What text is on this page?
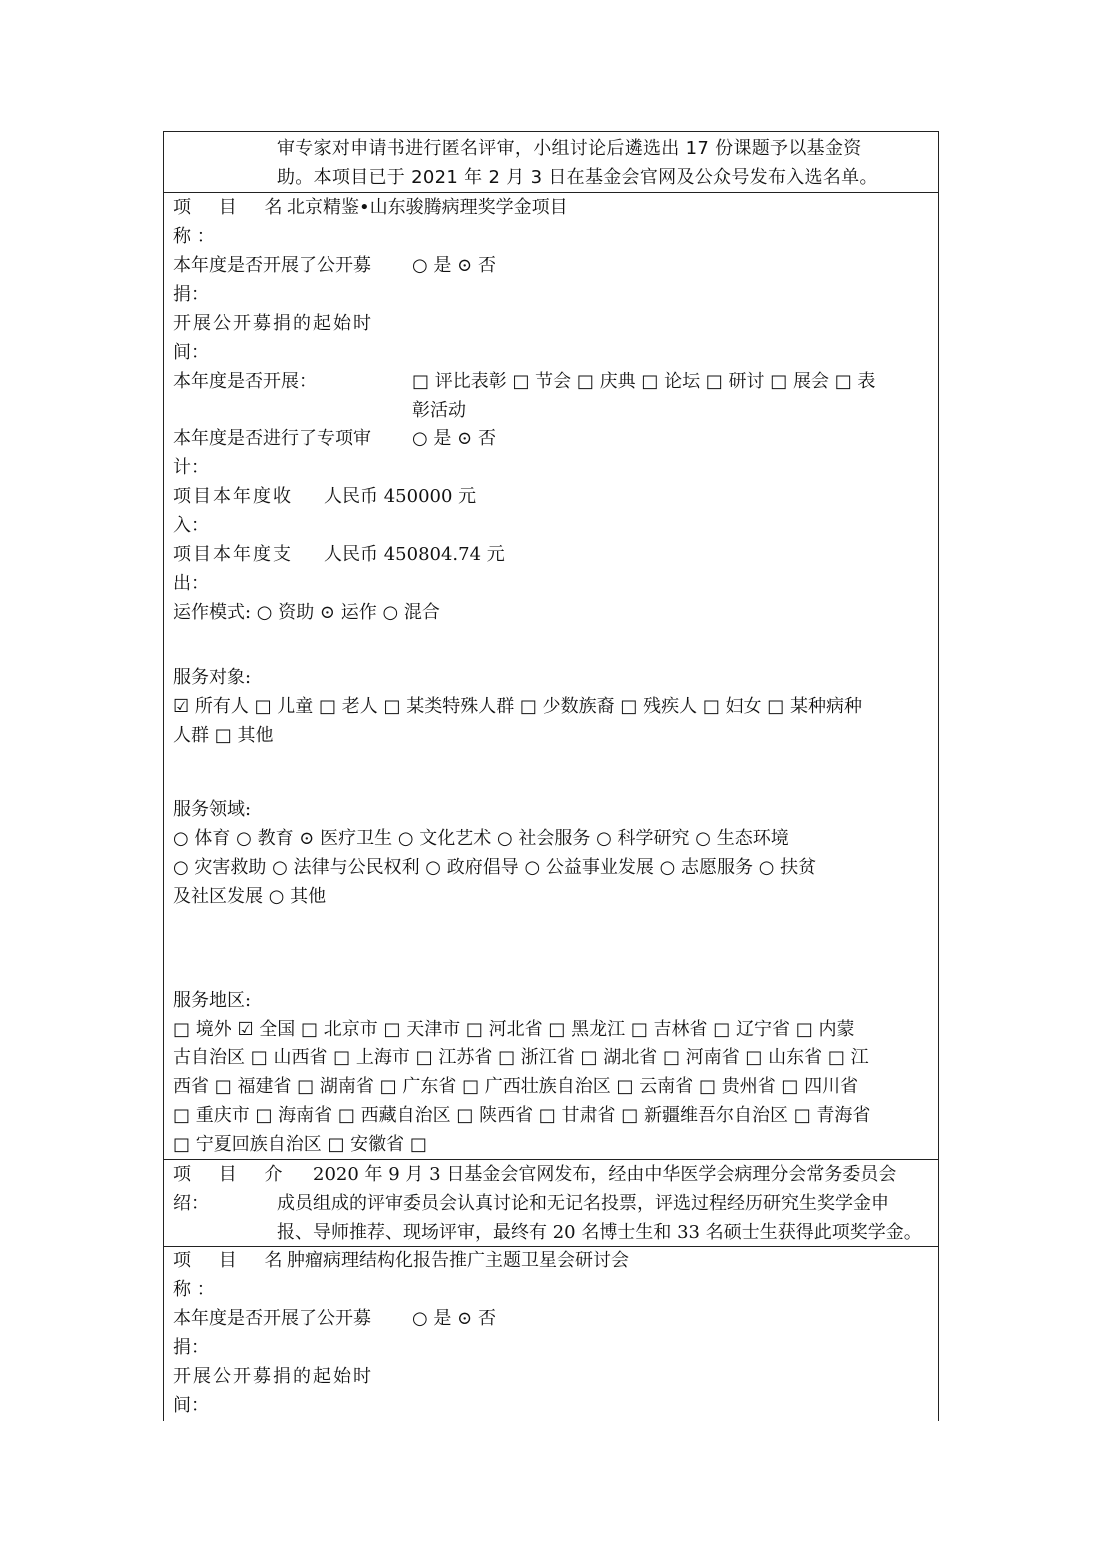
审专家对申请书进行匿名评审，小组讨论后遴选出 17 份课题予以基金资
助。本项目已于 2021 年 2 月 3 日在基金会官网及公众号发布入选名单。
项 目 名
北京精鉴•山东骏腾病理奖学金项目
称 ：
本年度是否开展了公开募 ○ 是 ⊙ 否
捐：
开展公开募捐的起始时
间：
本年度是否开展：	□ 评比表彰 □ 节会 □ 庆典 □ 论坛 □ 研讨 □ 展会 □ 表
彰活动
本年度是否进行了专项审 ○ 是 ⊙ 否
计：
项目本年度收 人民币 450000 元
入：
项目本年度支 人民币 450804.74 元
出：
运作模式: ○ 资助 ⊙ 运作 ○ 混合
服务对象:
☑ 所有人 □ 儿童 □ 老人 □ 某类特殊人群 □ 少数族裔 □ 残疾人 □ 妇女 □ 某种病种
人群 □ 其他
服务领域:
○ 体育 ○ 教育 ⊙ 医疗卫生 ○ 文化艺术 ○ 社会服务 ○ 科学研究 ○ 生态环境
○ 灾害救助 ○ 法律与公民权利 ○ 政府倡导 ○ 公益事业发展 ○ 志愿服务 ○ 扶贫
及社区发展 ○ 其他
服务地区:
□ 境外 ☑ 全国 □ 北京市 □ 天津市 □ 河北省 □ 黑龙江 □ 吉林省 □ 辽宁省 □ 内蒙
古自治区 □ 山西省 □ 上海市 □ 江苏省 □ 浙江省 □ 湖北省 □ 河南省 □ 山东省 □ 江
西省 □ 福建省 □ 湖南省 □ 广东省 □ 广西壮族自治区 □ 云南省 □ 贵州省 □ 四川省
□ 重庆市 □ 海南省 □ 西藏自治区 □ 陕西省 □ 甘肃省 □ 新疆维吾尔自治区 □ 青海省
□ 宁夏回族自治区 □ 安徽省 □
项 目 介
绍：
2020 年 9 月 3 日基金会官网发布，经由中华医学会病理分会常务委员会
成员组成的评审委员会认真讨论和无记名投票，评选过程经历研究生奖学金申
报、导师推荐、现场评审，最终有 20 名博士生和 33 名硕士生获得此项奖学金。
项 目 名
肿瘤病理结构化报告推广主题卫星会研讨会
称 ：
本年度是否开展了公开募 ○ 是 ⊙ 否
捐：
开展公开募捐的起始时
间：
